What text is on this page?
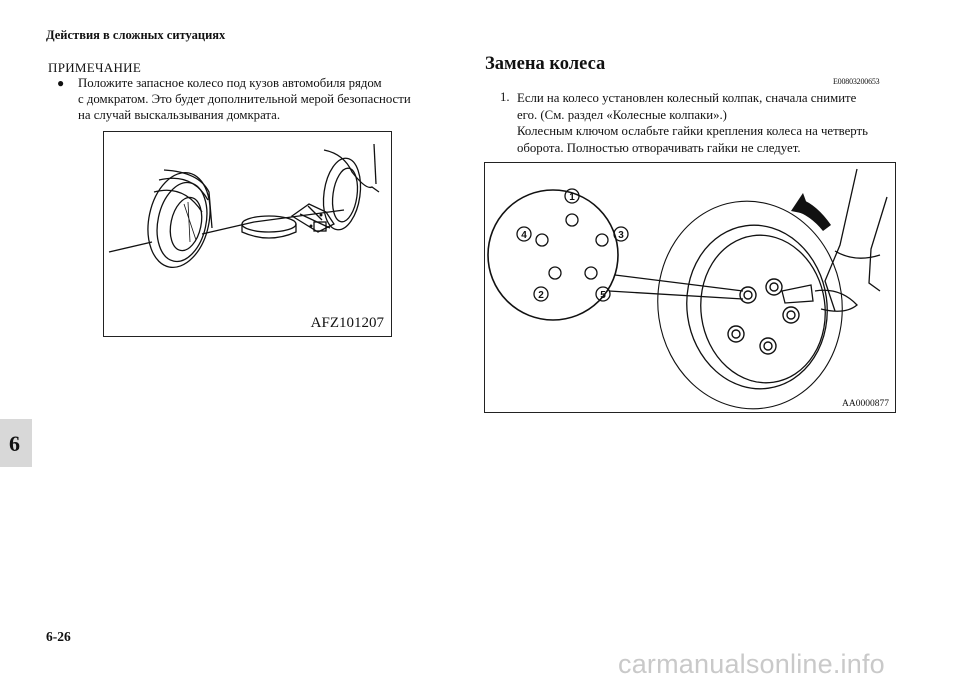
Действия в сложных ситуациях
ПРИМЕЧАНИЕ
●	Положите запасное колесо под кузов автомобиля рядом
с домкратом. Это будет дополнительной мерой безопасности
на случай выскальзывания домкрата.
AFZ101207
Замена колеса
E00803200653
1. Если на колесо установлен колесный колпак, сначала снимите
его. (См. раздел «Колесные колпаки».)
Колесным ключом ослабьте гайки крепления колеса на четверть
оборота. Полностью отворачивать гайки не следует.
1
2
3
4
5
AA0000877
6
6-26
carmanualsonline.info
